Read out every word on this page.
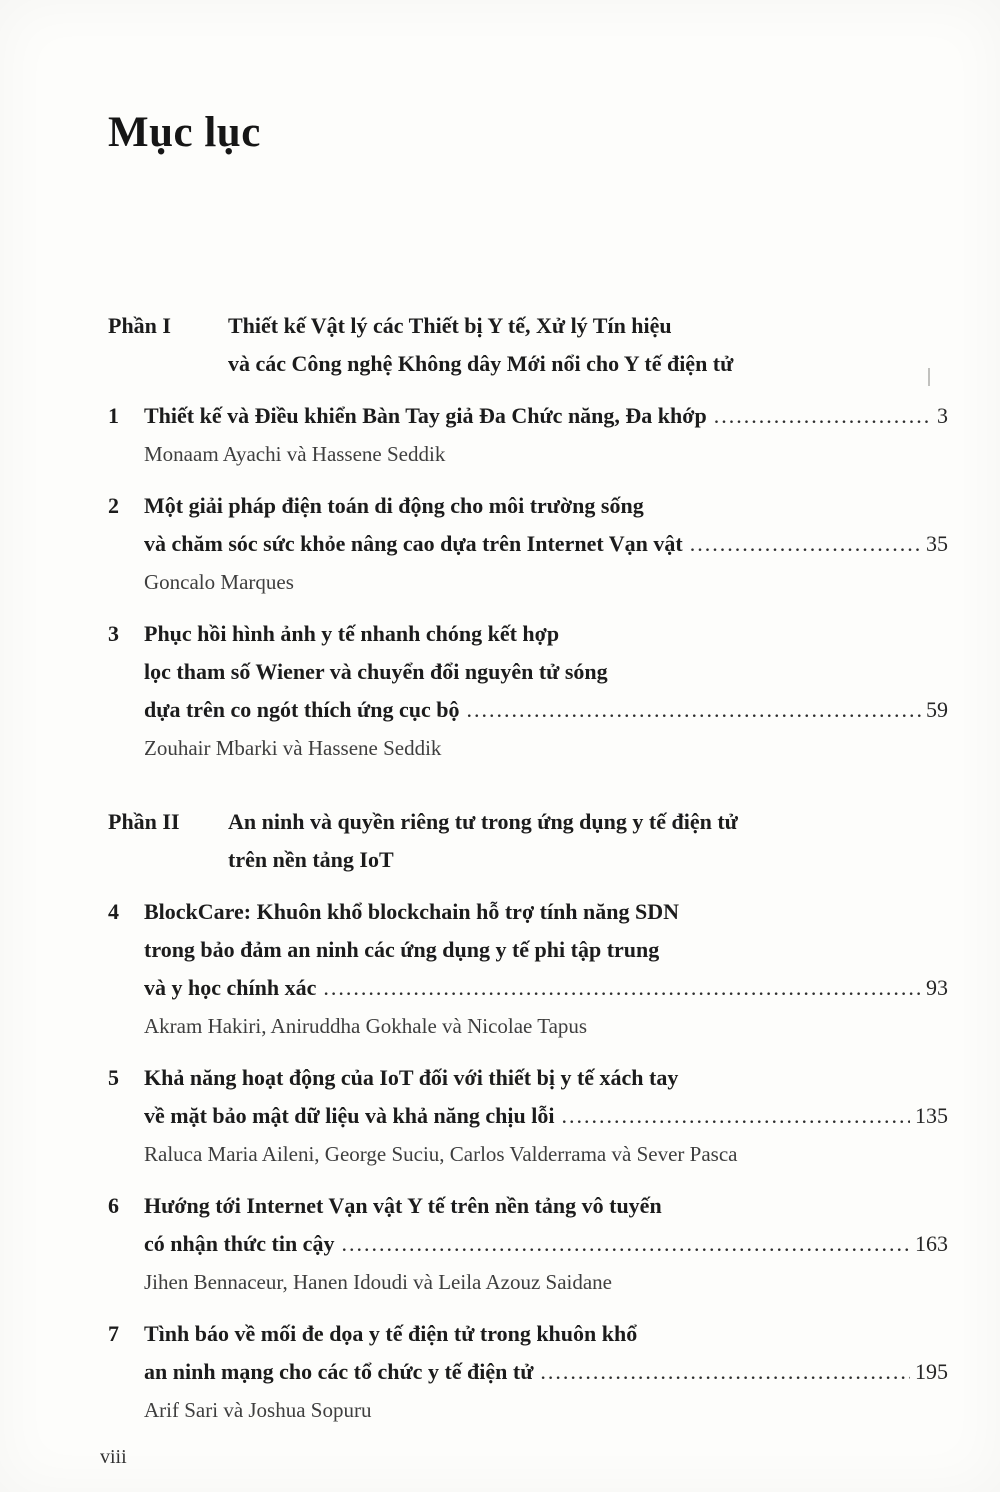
Mục lục
Phần I	Thiết kế Vật lý các Thiết bị Y tế, Xử lý Tín hiệu
và các Công nghệ Không dây Mới nổi cho Y tế điện tử
1	Thiết kế và Điều khiển Bàn Tay giả Đa Chức năng, Đa khớp .....	3
Monaam Ayachi và Hassene Seddik
2	Một giải pháp điện toán di động cho môi trường sống
và chăm sóc sức khỏe nâng cao dựa trên Internet Vạn vật .....	35
Goncalo Marques
3	Phục hồi hình ảnh y tế nhanh chóng kết hợp
lọc tham số Wiener và chuyển đổi nguyên tử sóng
dựa trên co ngót thích ứng cục bộ .....	59
Zouhair Mbarki và Hassene Seddik
Phần II	An ninh và quyền riêng tư trong ứng dụng y tế điện tử
trên nền tảng IoT
4	BlockCare: Khuôn khổ blockchain hỗ trợ tính năng SDN
trong bảo đảm an ninh các ứng dụng y tế phi tập trung
và y học chính xác .....	93
Akram Hakiri, Aniruddha Gokhale và Nicolae Tapus
5	Khả năng hoạt động của IoT đối với thiết bị y tế xách tay
về mặt bảo mật dữ liệu và khả năng chịu lỗi .....	135
Raluca Maria Aileni, George Suciu, Carlos Valderrama và Sever Pasca
6	Hướng tới Internet Vạn vật Y tế trên nền tảng vô tuyến
có nhận thức tin cậy .....	163
Jihen Bennaceur, Hanen Idoudi và Leila Azouz Saidane
7	Tình báo về mối đe dọa y tế điện tử trong khuôn khổ
an ninh mạng cho các tổ chức y tế điện tử .....	195
Arif Sari và Joshua Sopuru
viii
